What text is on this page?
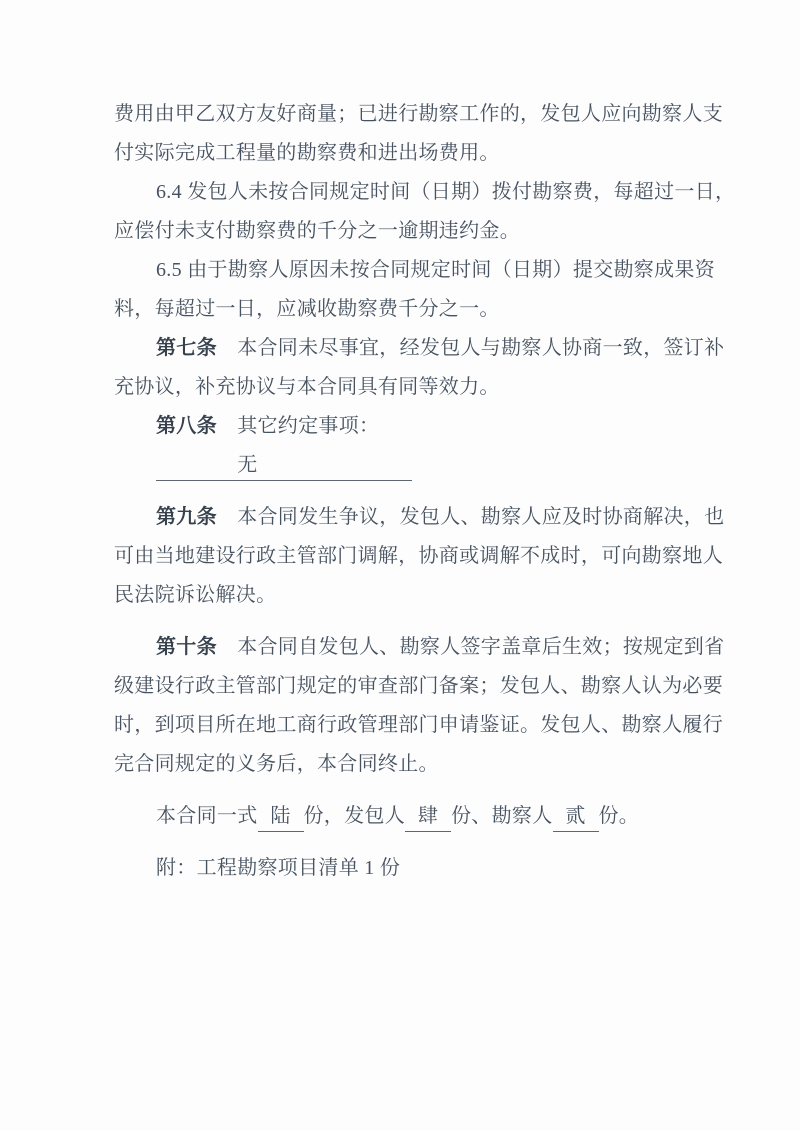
费用由甲乙双方友好商量；已进行勘察工作的，发包人应向勘察人支
付实际完成工程量的勘察费和进出场费用。
6.4 发包人未按合同规定时间（日期）拨付勘察费，每超过一日，
应偿付未支付勘察费的千分之一逾期违约金。
6.5 由于勘察人原因未按合同规定时间（日期）提交勘察成果资
料，每超过一日，应减收勘察费千分之一。
第七条　本合同未尽事宜，经发包人与勘察人协商一致，签订补
充协议，补充协议与本合同具有同等效力。
第八条　其它约定事项：
　　　　无
第九条　本合同发生争议，发包人、勘察人应及时协商解决，也
可由当地建设行政主管部门调解，协商或调解不成时，可向勘察地人
民法院诉讼解决。
第十条　本合同自发包人、勘察人签字盖章后生效；按规定到省
级建设行政主管部门规定的审查部门备案；发包人、勘察人认为必要
时，到项目所在地工商行政管理部门申请鉴证。发包人、勘察人履行
完合同规定的义务后，本合同终止。
本合同一式 陆 份，发包人 肆 份、勘察人 贰 份。
附：工程勘察项目清单 1 份
